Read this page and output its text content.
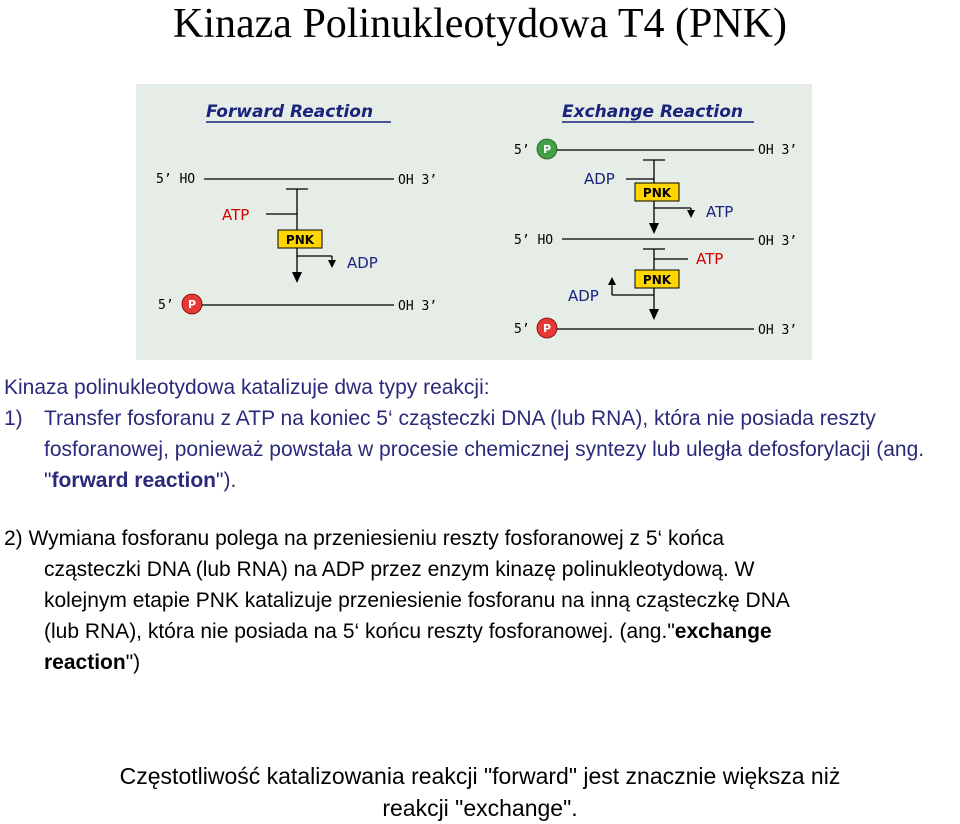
Kinaza Polinukleotydowa T4 (PNK)
Forward Reaction
5’ HO	OH 3’
ATP
PNK
ADP
5’ P	OH 3’
Exchange Reaction
5’ P	OH 3’
ADP
PNK
ATP
5’ HO	OH 3’
ATP
PNK
ADP
5’ P	OH 3’
Kinaza polinukleotydowa katalizuje dwa typy reakcji:
1) Transfer fosforanu z ATP na koniec 5‘ cząsteczki DNA (lub RNA), która nie posiada reszty fosforanowej, ponieważ powstała w procesie chemicznej syntezy lub uległa defosforylacji (ang. "forward reaction").
2) Wymiana fosforanu polega na przeniesieniu reszty fosforanowej z 5‘ końca
cząsteczki DNA (lub RNA) na ADP przez enzym kinazę polinukleotydową. W
kolejnym etapie PNK katalizuje przeniesienie fosforanu na inną cząsteczkę DNA
(lub RNA), która nie posiada na 5‘ końcu reszty fosforanowej. (ang."exchange
reaction")
Częstotliwość katalizowania reakcji "forward" jest znacznie większa niż
reakcji "exchange".
